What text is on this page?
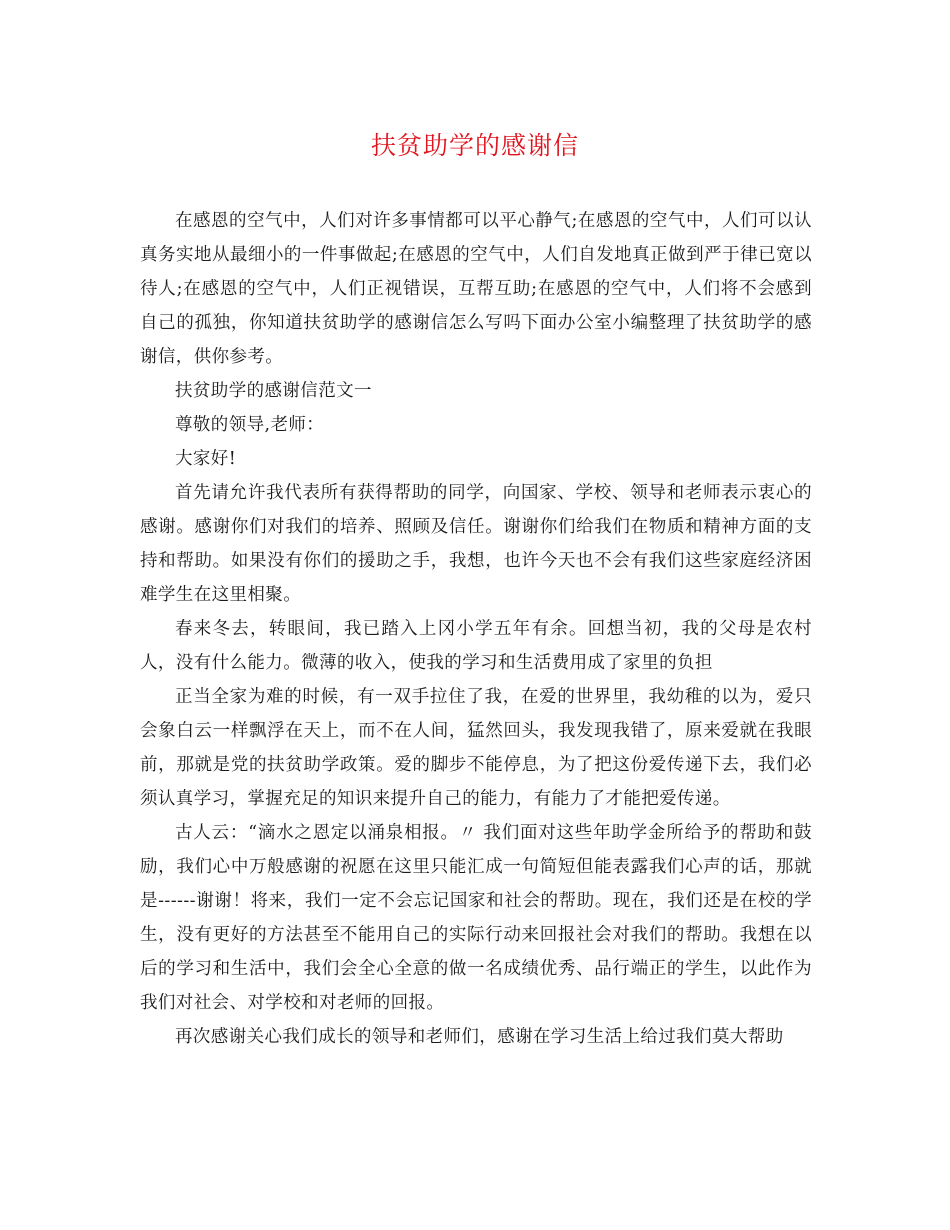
扶贫助学的感谢信

在感恩的空气中，人们对许多事情都可以平心静气;在感恩的空气中，人们可以认真务实地从最细小的一件事做起;在感恩的空气中，人们自发地真正做到严于律已宽以待人;在感恩的空气中，人们正视错误，互帮互助;在感恩的空气中，人们将不会感到自己的孤独，你知道扶贫助学的感谢信怎么写吗下面办公室小编整理了扶贫助学的感谢信，供你参考。

扶贫助学的感谢信范文一

尊敬的领导,老师：

大家好!

首先请允许我代表所有获得帮助的同学，向国家、学校、领导和老师表示衷心的感谢。感谢你们对我们的培养、照顾及信任。谢谢你们给我们在物质和精神方面的支持和帮助。如果没有你们的援助之手，我想，也许今天也不会有我们这些家庭经济困难学生在这里相聚。

春来冬去，转眼间，我已踏入上冈小学五年有余。回想当初，我的父母是农村人，没有什么能力。微薄的收入，使我的学习和生活费用成了家里的负担

正当全家为难的时候，有一双手拉住了我，在爱的世界里，我幼稚的以为，爱只会象白云一样飘浮在天上，而不在人间，猛然回头，我发现我错了，原来爱就在我眼前，那就是党的扶贫助学政策。爱的脚步不能停息，为了把这份爱传递下去，我们必须认真学习，掌握充足的知识来提升自己的能力，有能力了才能把爱传递。

古人云：“滴水之恩定以涌泉相报。〃 我们面对这些年助学金所给予的帮助和鼓励，我们心中万般感谢的祝愿在这里只能汇成一句简短但能表露我们心声的话，那就是------谢谢！将来，我们一定不会忘记国家和社会的帮助。现在，我们还是在校的学生，没有更好的方法甚至不能用自己的实际行动来回报社会对我们的帮助。我想在以后的学习和生活中，我们会全心全意的做一名成绩优秀、品行端正的学生，以此作为我们对社会、对学校和对老师的回报。

再次感谢关心我们成长的领导和老师们，感谢在学习生活上给过我们莫大帮助
